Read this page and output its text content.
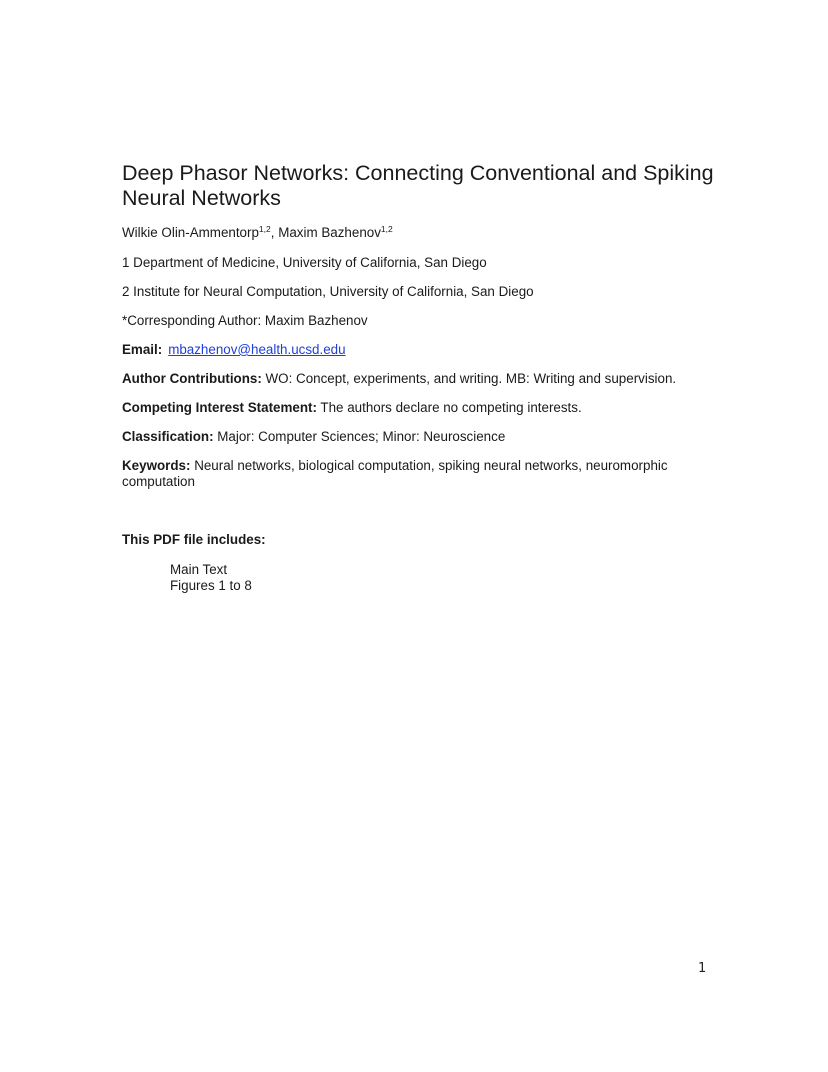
Deep Phasor Networks: Connecting Conventional and Spiking Neural Networks
Wilkie Olin-Ammentorp$^{1,2}$, Maxim Bazhenov$^{1,2}$
1 Department of Medicine, University of California, San Diego
2 Institute for Neural Computation, University of California, San Diego
*Corresponding Author: Maxim Bazhenov
Email: mbazhenov@health.ucsd.edu
Author Contributions: WO: Concept, experiments, and writing. MB: Writing and supervision.
Competing Interest Statement: The authors declare no competing interests.
Classification: Major: Computer Sciences; Minor: Neuroscience
Keywords: Neural networks, biological computation, spiking neural networks, neuromorphic computation
This PDF file includes:
Main Text
Figures 1 to 8
1
